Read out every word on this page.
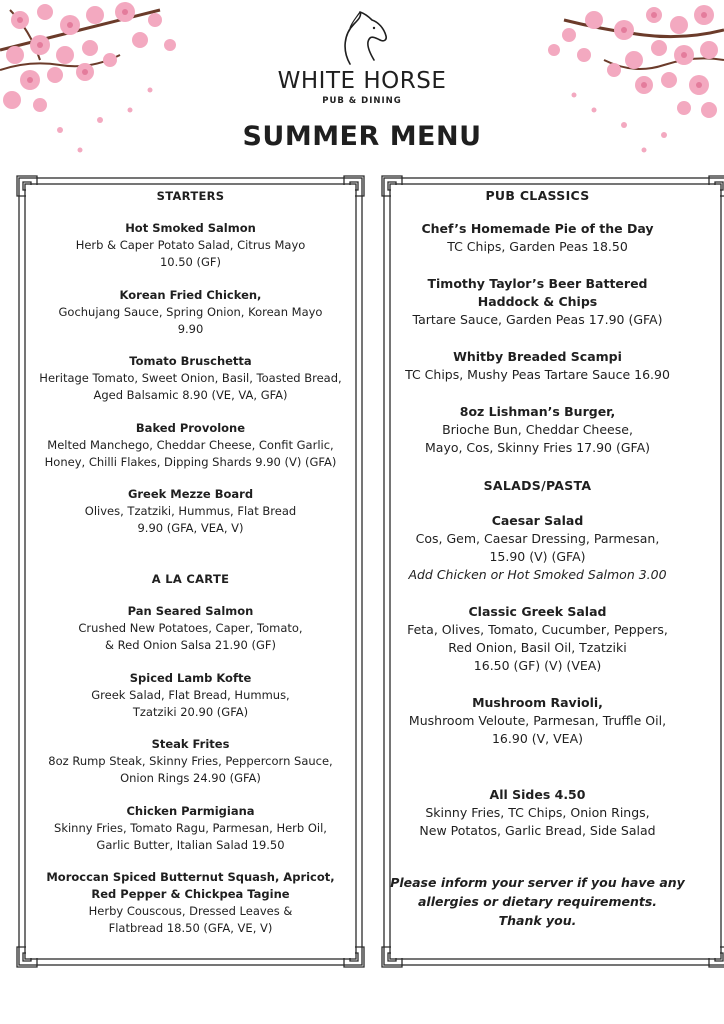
WHITE HORSE
PUB & DINING
SUMMER MENU
STARTERS
Hot Smoked Salmon
Herb & Caper Potato Salad, Citrus Mayo
10.50 (GF)
Korean Fried Chicken,
Gochujang Sauce, Spring Onion, Korean Mayo
9.90
Tomato Bruschetta
Heritage Tomato, Sweet Onion, Basil, Toasted Bread,
Aged Balsamic 8.90 (VE, VA, GFA)
Baked Provolone
Melted Manchego, Cheddar Cheese, Confit Garlic,
Honey, Chilli Flakes, Dipping Shards 9.90 (V) (GFA)
Greek Mezze Board
Olives, Tzatziki, Hummus, Flat Bread
9.90 (GFA, VEA, V)
A LA CARTE
Pan Seared Salmon
Crushed New Potatoes, Caper, Tomato,
& Red Onion Salsa 21.90 (GF)
Spiced Lamb Kofte
Greek Salad, Flat Bread, Hummus,
Tzatziki 20.90 (GFA)
Steak Frites
8oz Rump Steak, Skinny Fries, Peppercorn Sauce,
Onion Rings 24.90 (GFA)
Chicken Parmigiana
Skinny Fries, Tomato Ragu, Parmesan, Herb Oil,
Garlic Butter, Italian Salad 19.50
Moroccan Spiced Butternut Squash, Apricot,
Red Pepper & Chickpea Tagine
Herby Couscous, Dressed Leaves &
Flatbread 18.50 (GFA, VE, V)
PUB CLASSICS
Chef’s Homemade Pie of the Day
TC Chips, Garden Peas 18.50
Timothy Taylor’s Beer Battered
Haddock & Chips
Tartare Sauce, Garden Peas 17.90 (GFA)
Whitby Breaded Scampi
TC Chips, Mushy Peas Tartare Sauce 16.90
8oz Lishman’s Burger,
Brioche Bun, Cheddar Cheese,
Mayo, Cos, Skinny Fries 17.90 (GFA)
SALADS/PASTA
Caesar Salad
Cos, Gem, Caesar Dressing, Parmesan,
15.90 (V) (GFA)
Add Chicken or Hot Smoked Salmon 3.00
Classic Greek Salad
Feta, Olives, Tomato, Cucumber, Peppers,
Red Onion, Basil Oil, Tzatziki
16.50 (GF) (V) (VEA)
Mushroom Ravioli,
Mushroom Veloute, Parmesan, Truffle Oil,
16.90 (V, VEA)
All Sides 4.50
Skinny Fries, TC Chips, Onion Rings,
New Potatos, Garlic Bread, Side Salad
Please inform your server if you have any
allergies or dietary requirements.
Thank you.
